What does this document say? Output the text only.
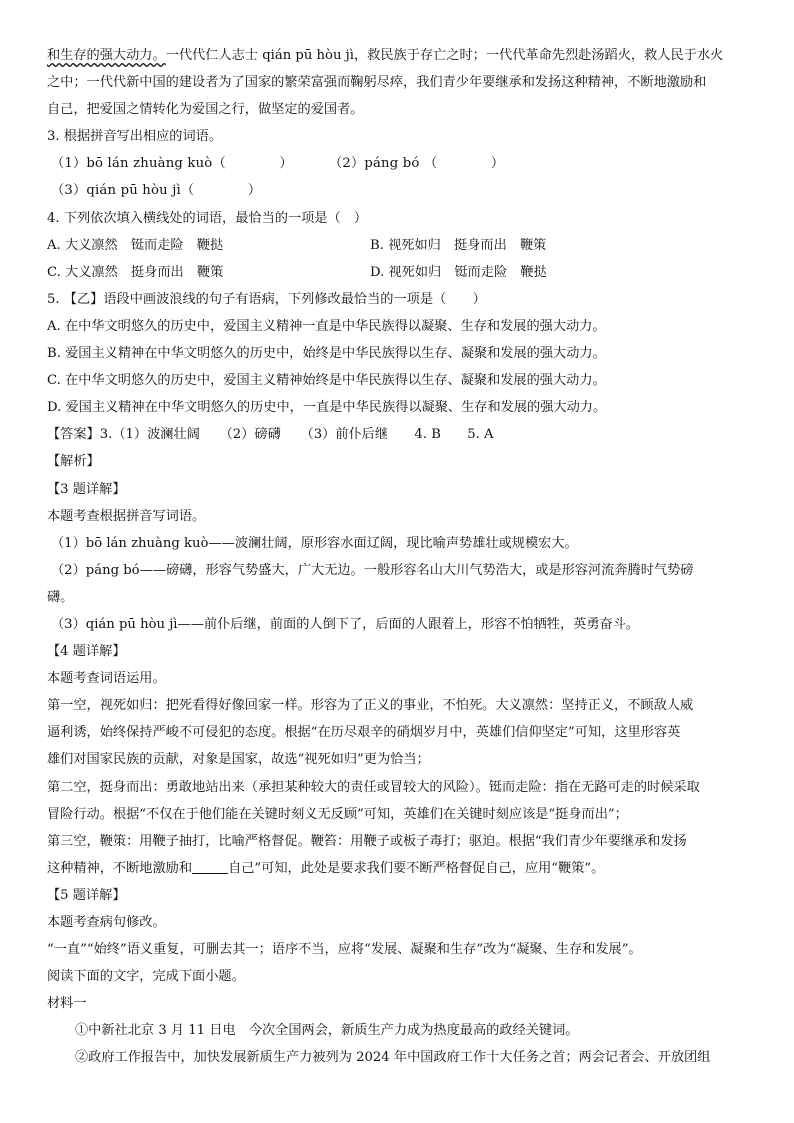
和生存的强大动力。一代代仁人志士 qián pū hòu jì，救民族于存亡之时；一代代革命先烈赴汤蹈火，救人民于水火
之中；一代代新中国的建设者为了国家的繁荣富强而鞠躬尽瘁，我们青少年要继承和发扬这种精神，不断地激励和
自己，把爱国之情转化为爱国之行，做坚定的爱国者。
3. 根据拼音写出相应的词语。
（1）bō lán zhuàng kuò（　　　　）	（2）páng bó （　　　　）
（3）qián pū hòu jì（　　　　）
4. 下列依次填入横线处的词语，最恰当的一项是（　）
A. 大义凛然　铤而走险　鞭挞	B. 视死如归　挺身而出　鞭策
C. 大义凛然　挺身而出　鞭策	D. 视死如归　铤而走险　鞭挞
5. 【乙】语段中画波浪线的句子有语病，下列修改最恰当的一项是（　　）
A. 在中华文明悠久的历史中，爱国主义精神一直是中华民族得以凝聚、生存和发展的强大动力。
B. 爱国主义精神在中华文明悠久的历史中，始终是中华民族得以生存、凝聚和发展的强大动力。
C. 在中华文明悠久的历史中，爱国主义精神始终是中华民族得以生存、凝聚和发展的强大动力。
D. 爱国主义精神在中华文明悠久的历史中，一直是中华民族得以凝聚、生存和发展的强大动力。
【答案】3.（1）波澜壮阔　　（2）磅礴　　（3）前仆后继　　4. B　　5. A
【解析】
【3 题详解】
本题考查根据拼音写词语。
（1）bō lán zhuàng kuò——波澜壮阔，原形容水面辽阔，现比喻声势雄壮或规模宏大。
（2）páng bó——磅礴，形容气势盛大，广大无边。一般形容名山大川气势浩大，或是形容河流奔腾时气势磅
礴。
（3）qián pū hòu jì——前仆后继，前面的人倒下了，后面的人跟着上，形容不怕牺牲，英勇奋斗。
【4 题详解】
本题考查词语运用。
第一空，视死如归：把死看得好像回家一样。形容为了正义的事业，不怕死。大义凛然：坚持正义，不顾敌人威
逼利诱，始终保持严峻不可侵犯的态度。根据“在历尽艰辛的硝烟岁月中，英雄们信仰坚定”可知，这里形容英
雄们对国家民族的贡献，对象是国家，故选“视死如归”更为恰当；
第二空，挺身而出：勇敢地站出来（承担某种较大的责任或冒较大的风险）。铤而走险：指在无路可走的时候采取
冒险行动。根据“不仅在于他们能在关键时刻义无反顾”可知，英雄们在关键时刻应该是“挺身而出”；
第三空，鞭策：用鞭子抽打，比喻严格督促。鞭笞：用鞭子或板子毒打；驱迫。根据“我们青少年要继承和发扬
这种精神，不断地激励和	自己”可知，此处是要求我们要不断严格督促自己，应用“鞭策”。
【5 题详解】
本题考查病句修改。
“一直”“始终”语义重复，可删去其一；语序不当，应将“发展、凝聚和生存”改为“凝聚、生存和发展”。
阅读下面的文字，完成下面小题。
材料一
①中新社北京 3 月 11 日电　今次全国两会，新质生产力成为热度最高的政经关键词。
②政府工作报告中，加快发展新质生产力被列为 2024 年中国政府工作十大任务之首；两会记者会、开放团组
